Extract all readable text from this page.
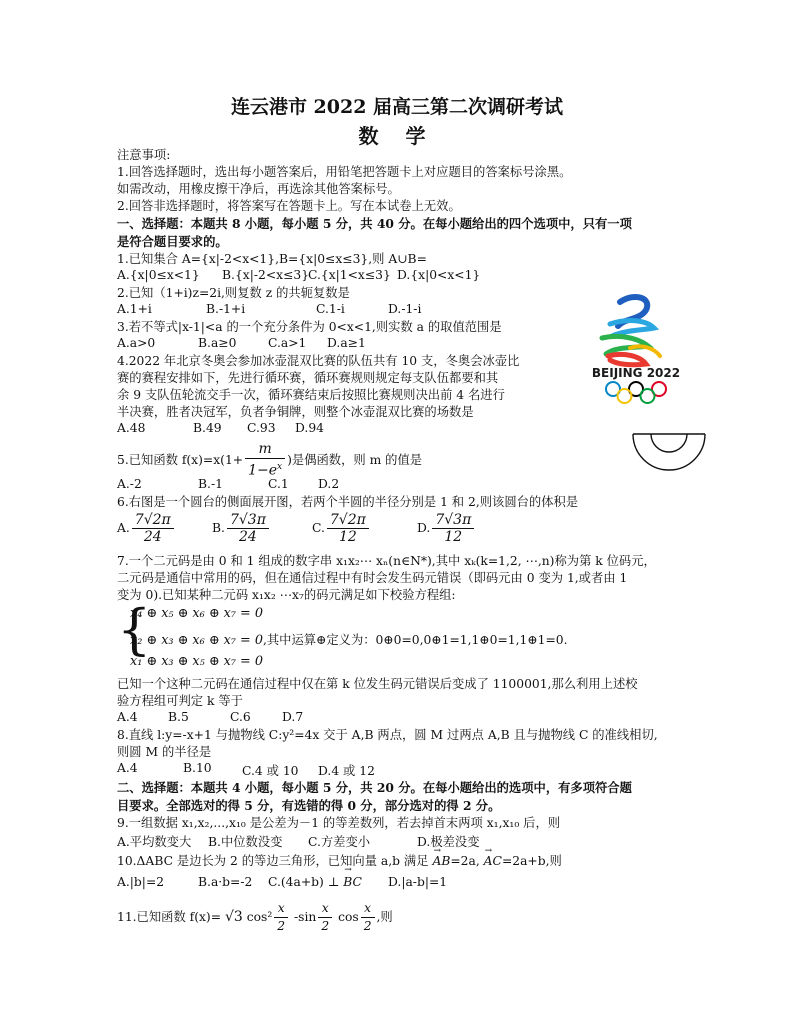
连云港市 2022 届高三第二次调研考试
数 学
注意事项:
1.回答选择题时，选出每小题答案后，用铅笔把答题卡上对应题目的答案标号涂黑。
如需改动，用橡皮擦干净后，再选涂其他答案标号。
2.回答非选择题时，将答案写在答题卡上。写在本试卷上无效。
一、选择题：本题共 8 小题，每小题 5 分，共 40 分。在每小题给出的四个选项中，只有一项
是符合题目要求的。
1.已知集合 A={x|-2<x<1},B={x|0≤x≤3},则 A∪B=
A.{x|0≤x<1} B.{x|-2<x≤3}
C.{x|1<x≤3} D.{x|0<x<1}
2.已知（1+i)z=2i,则复数 z 的共轭复数是
A.1+i	B.-1+i	C.1-i	D.-1-i
3.若不等式|x-1|<a 的一个充分条件为 0<x<1,则实数 a 的取值范围是
A.a>0	B.a≥0	C.a>1 D.a≥1
4.2022 年北京冬奥会参加冰壶混双比赛的队伍共有 10 支，冬奥会冰壶比
赛的赛程安排如下，先进行循环赛，循环赛规则规定每支队伍都要和其
余 9 支队伍轮流交手一次，循环赛结束后按照比赛规则决出前 4 名进行
半决赛，胜者决冠军，负者争铜牌，则整个冰壶混双比赛的场数是
A.48	B.49 C.93 D.94
BEIJING 2022
5.已知函数 $f(x)=x(1+ \frac{m}{1-e^x}$ )是偶函数，则 m 的值是
A.-2	B.-1	C.1 D.2
6.右图是一个圆台的侧面展开图，若两个半圆的半径分别是 1 和 2,则该圆台的体积是
A. $\frac{7√2\pi}{24}$	B. $\frac{7√3\pi}{24}$	C. $\frac{7√2\pi}{12}$	D. $\frac{7√3\pi}{12}$
7.一个二元码是由 0 和 1 组成的数字串 x₁x₂⋯ xₙ(n∈N*),其中 xₖ(k=1,2, ⋯,n)称为第 k 位码元，
二元码是通信中常用的码，但在通信过程中有时会发生码元错误（即码元由 0 变为 1,或者由 1
变为 0).已知某种二元码 x₁x₂ ⋯x₇的码元满足如下校验方程组:
{
x₄ ⊕ x₅ ⊕ x₆ ⊕ x₇ = 0
x₂ ⊕ x₃ ⊕ x₆ ⊕ x₇ = 0,其中运算⊕定义为：0⊕0=0,0⊕1=1,1⊕0=1,1⊕1=0.
x₁ ⊕ x₃ ⊕ x₅ ⊕ x₇ = 0
已知一个这种二元码在通信过程中仅在第 k 位发生码元错误后变成了 1100001,那么利用上述校
验方程组可判定 k 等于
A.4 B.5	C.6	D.7
8.直线 l:y=-x+1 与抛物线 C:y²=4x 交于 A,B 两点，圆 M 过两点 A,B 且与抛物线 C 的准线相切,
则圆 M 的半径是
A.4	B.10 C.4 或 10 D.4 或 12
二、选择题：本题共 4 小题，每小题 5 分，共 20 分。在每小题给出的选项中，有多项符合题
目要求。全部选对的得 5 分，有选错的得 0 分，部分选对的得 2 分。
9.一组数据 x₁,x₂,...,x₁₀ 是公差为－1 的等差数列，若去掉首末两项 x₁,x₁₀ 后，则
A.平均数变大 B.中位数没变 C.方差变小	D.极差没变
10.ΔABC 是边长为 2 的等边三角形，已知向量 a,b 满足 → AB=2a, → AC=2a+b,则
A.|b|=2	B.a·b=-2 C.(4a+b) ⊥ → BC D.|a-b|=1
11.已知函数 f(x)= √3 $\cos^2 \frac{x}{2} -\sin \frac{x}{2}$ $\cos \frac{x}{2}$ ,则
